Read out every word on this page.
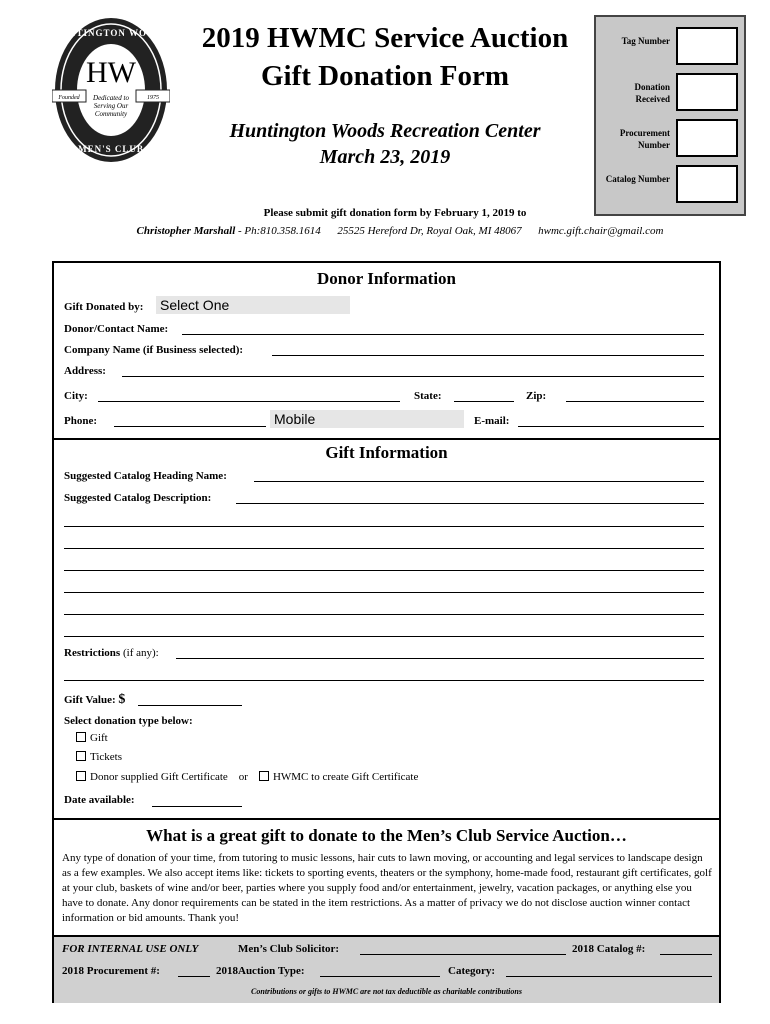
HUNTINGTON WOODS
MEN'S CLUB
HW
Founded	1975
Dedicated to Serving Our Community
2019 HWMC Service Auction
Gift Donation Form
Huntington Woods Recreation Center
March 23, 2019
Tag Number
Donation Received
Procurement Number
Catalog Number
Please submit gift donation form by February 1, 2019 to
Christopher Marshall - Ph:810.358.1614 25525 Hereford Dr, Royal Oak, MI 48067 hwmc.gift.chair@gmail.com
Donor Information
Gift Donated by: Select One
Donor/Contact Name:
Company Name (if Business selected):
Address:
City:	State:	Zip:
Phone:	Mobile	E-mail:
Gift Information
Suggested Catalog Heading Name:
Suggested Catalog Description:
Restrictions (if any):
Gift Value: $
Select donation type below:
Gift
Tickets
Donor supplied Gift Certificate or HWMC to create Gift Certificate
Date available:
What is a great gift to donate to the Men’s Club Service Auction…
Any type of donation of your time, from tutoring to music lessons, hair cuts to lawn moving, or accounting and legal services to landscape design as a few examples. We also accept items like: tickets to sporting events, theaters or the symphony, home-made food, restaurant gift certificates, golf at your club, baskets of wine and/or beer, parties where you supply food and/or entertainment, jewelry, vacation packages, or anything else you have to donate. Any donor requirements can be stated in the item restrictions. As a matter of privacy we do not disclose auction winner contact information or bid amounts. Thank you!
FOR INTERNAL USE ONLY	Men’s Club Solicitor:	2018 Catalog #:
2018 Procurement #:	2018Auction Type:	Category:
Contributions or gifts to HWMC are not tax deductible as charitable contributions
